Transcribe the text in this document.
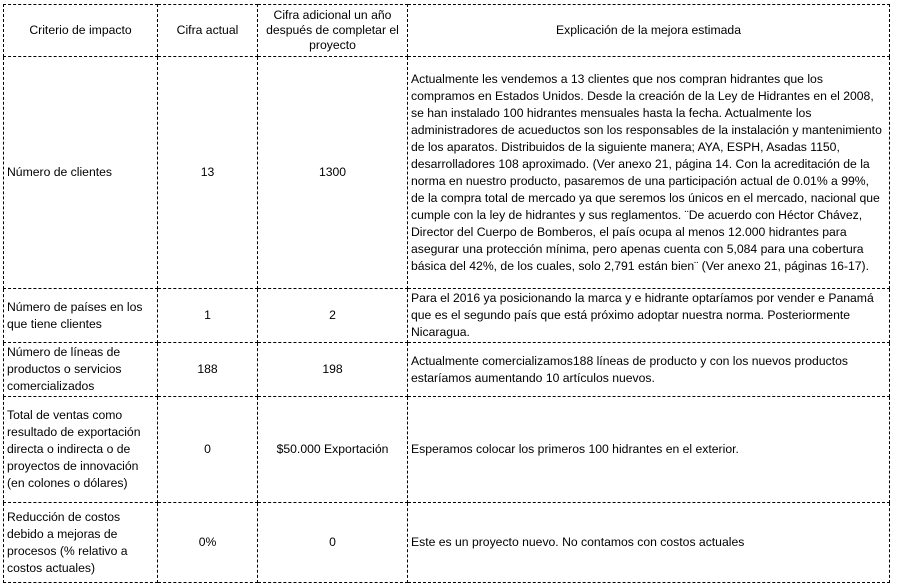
Criterio de impacto	Cifra actual	Cifra adicional un año después de completar el proyecto	Explicación de la mejora estimada
Número de clientes	13	1300	Actualmente les vendemos a 13 clientes que nos compran hidrantes que los compramos en Estados Unidos. Desde la creación de la Ley de Hidrantes en el 2008, se han instalado 100 hidrantes mensuales hasta la fecha. Actualmente los administradores de acueductos son los responsables de la instalación y mantenimiento de los aparatos. Distribuidos de la siguiente manera; AYA, ESPH, Asadas 1150, desarrolladores 108 aproximado. (Ver anexo 21, página 14. Con la acreditación de la norma en nuestro producto, pasaremos de una participación actual de 0.01% a 99%, de la compra total de mercado ya que seremos los únicos en el mercado, nacional que cumple con la ley de hidrantes y sus reglamentos. ¨De acuerdo con Héctor Chávez, Director del Cuerpo de Bomberos, el país ocupa al menos 12.000 hidrantes para asegurar una protección mínima, pero apenas cuenta con 5,084 para una cobertura básica del 42%, de los cuales, solo 2,791 están bien¨ (Ver anexo 21, páginas 16-17).
Número de países en los que tiene clientes	1	2	Para el 2016 ya posicionando la marca y e hidrante optaríamos por vender e Panamá que es el segundo país que está próximo adoptar nuestra norma. Posteriormente Nicaragua.
Número de líneas de productos o servicios comercializados	188	198	Actualmente comercializamos188 líneas de producto y con los nuevos productos estaríamos aumentando 10 artículos nuevos.
Total de ventas como resultado de exportación directa o indirecta o de proyectos de innovación (en colones o dólares)	0	$50.000 Exportación	Esperamos colocar los primeros 100 hidrantes en el exterior.
Reducción de costos debido a mejoras de procesos (% relativo a costos actuales)	0%	0	Este es un proyecto nuevo. No contamos con costos actuales
